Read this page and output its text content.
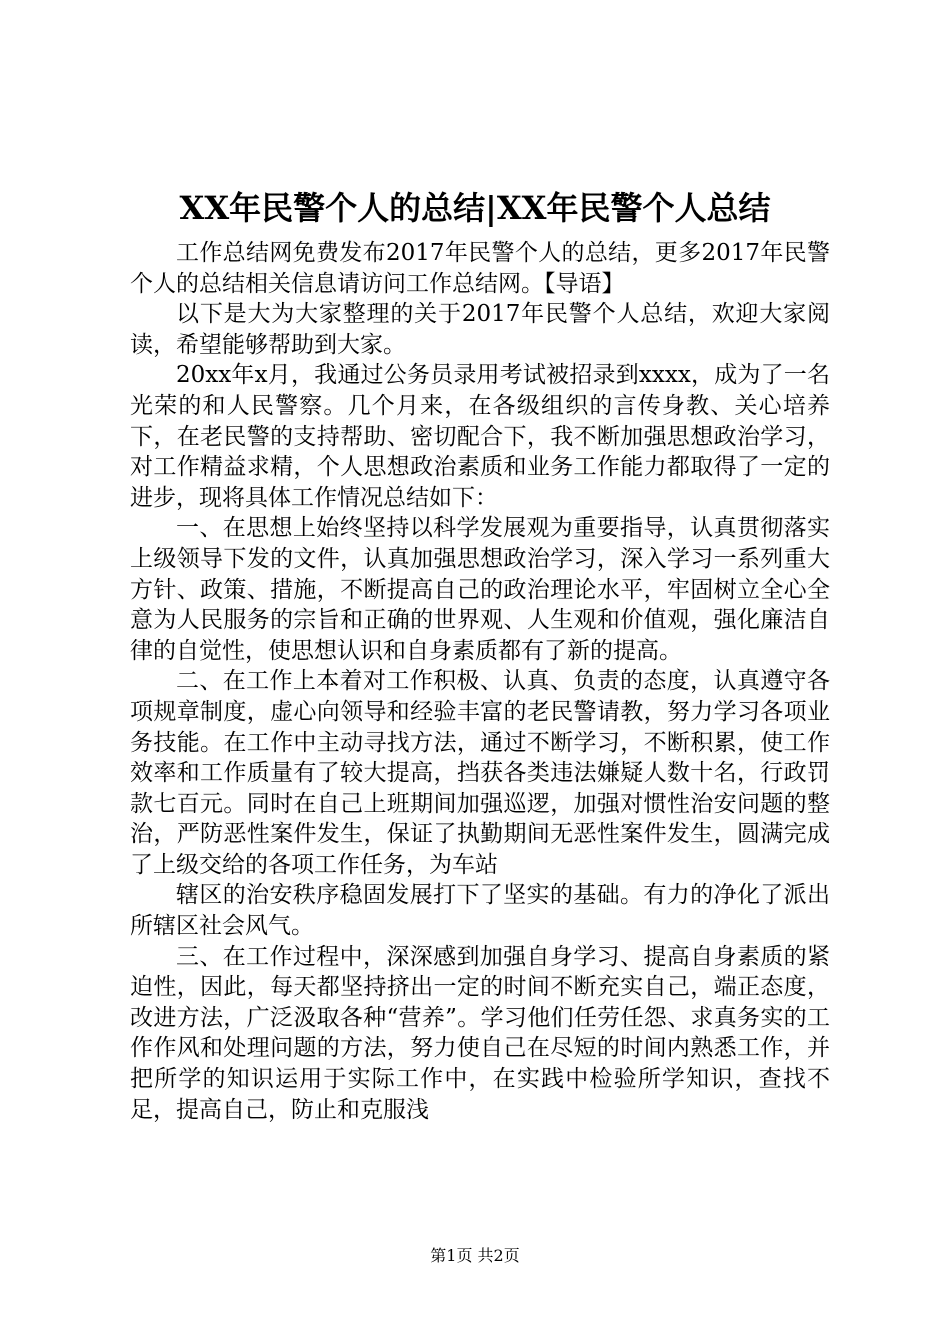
XX年民警个人的总结|XX年民警个人总结

工作总结网免费发布2017年民警个人的总结，更多2017年民警个人的总结相关信息请访问工作总结网。【导语】

以下是大为大家整理的关于2017年民警个人总结，欢迎大家阅读，希望能够帮助到大家。

20xx年x月，我通过公务员录用考试被招录到xxxx，成为了一名光荣的和人民警察。几个月来，在各级组织的言传身教、关心培养下，在老民警的支持帮助、密切配合下，我不断加强思想政治学习，对工作精益求精，个人思想政治素质和业务工作能力都取得了一定的进步，现将具体工作情况总结如下：

一、在思想上始终坚持以科学发展观为重要指导，认真贯彻落实上级领导下发的文件，认真加强思想政治学习，深入学习一系列重大方针、政策、措施，不断提高自己的政治理论水平，牢固树立全心全意为人民服务的宗旨和正确的世界观、人生观和价值观，强化廉洁自律的自觉性，使思想认识和自身素质都有了新的提高。

二、在工作上本着对工作积极、认真、负责的态度，认真遵守各项规章制度，虚心向领导和经验丰富的老民警请教，努力学习各项业务技能。在工作中主动寻找方法，通过不断学习，不断积累，使工作效率和工作质量有了较大提高，挡获各类违法嫌疑人数十名，行政罚款七百元。同时在自己上班期间加强巡逻，加强对惯性治安问题的整治，严防恶性案件发生，保证了执勤期间无恶性案件发生，圆满完成了上级交给的各项工作任务，为车站

辖区的治安秩序稳固发展打下了坚实的基础。有力的净化了派出所辖区社会风气。

三、在工作过程中，深深感到加强自身学习、提高自身素质的紧迫性，因此，每天都坚持挤出一定的时间不断充实自己，端正态度，改进方法，广泛汲取各种“营养”。学习他们任劳任怨、求真务实的工作作风和处理问题的方法，努力使自己在尽短的时间内熟悉工作，并把所学的知识运用于实际工作中，在实践中检验所学知识，查找不足，提高自己，防止和克服浅

第1页 共2页
